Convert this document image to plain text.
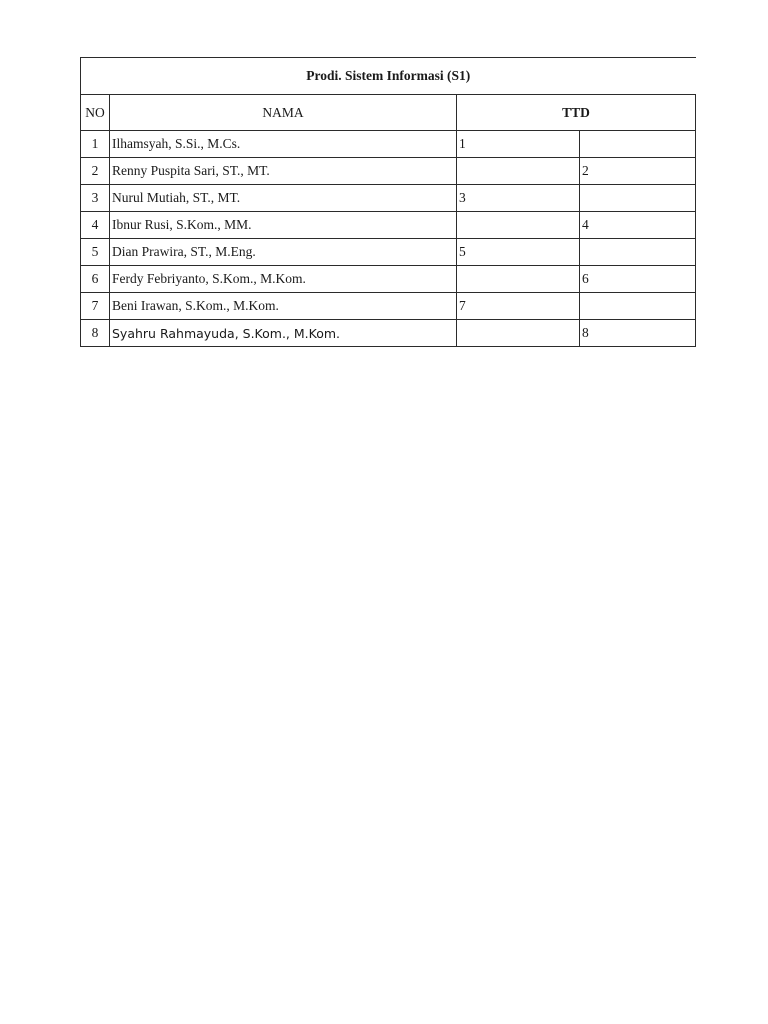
Prodi. Sistem Informasi (S1)			
NO	NAMA	TTD	
1	Ilhamsyah, S.Si., M.Cs.	1	
2	Renny Puspita Sari, ST., MT.		2
3	Nurul Mutiah, ST., MT.	3	
4	Ibnur Rusi, S.Kom., MM.		4
5	Dian Prawira, ST., M.Eng.	5	
6	Ferdy Febriyanto, S.Kom., M.Kom.		6
7	Beni Irawan, S.Kom., M.Kom.	7	
8	Syahru Rahmayuda, S.Kom., M.Kom.		8
